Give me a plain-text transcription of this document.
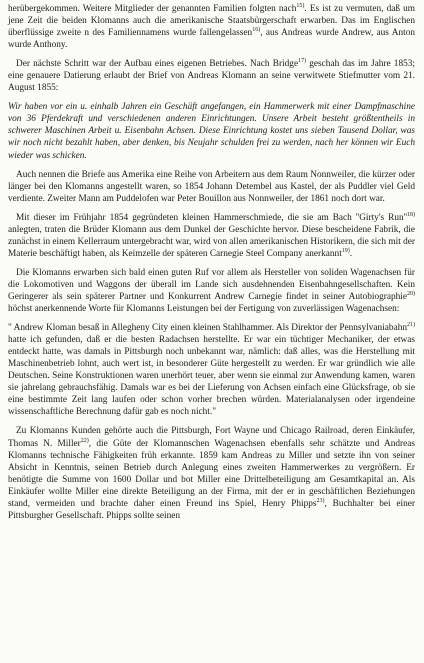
herübergekommen. Weitere Mitglieder der genannten Familien folgten nach$^{15)}$. Es ist zu vermuten, daß um jene Zeit die beiden Klomanns auch die amerikanische Staatsbürgerschaft erwarben. Das im Englischen überflüssige zweite n des Familiennamens wurde fallengelassen$^{16)}$, aus Andreas wurde Andrew, aus Anton wurde Anthony.

Der nächste Schritt war der Aufbau eines eigenen Betriebes. Nach Bridge$^{17)}$ geschah das im Jahre 1853; eine genauere Datierung erlaubt der Brief von Andreas Klomann an seine verwitwete Stiefmutter vom 21. August 1855:

Wir haben vor ein u. einhalb Jahren ein Geschäft angefangen, ein Hammerwerk mit einer Dampfmaschine von 36 Pferdekraft und verschiedenen anderen Einrichtungen. Unsere Arbeit besteht größtentheils in schwerer Maschinen Arbeit u. Eisenbahn Achsen. Diese Einrichtung kostet uns sieben Tausend Dollar, was wir noch nicht bezahlt haben, aber denken, bis Neujahr schulden frei zu werden, nach her können wir Euch wieder was schicken.

Auch nennen die Briefe aus Amerika eine Reihe von Arbeitern aus dem Raum Nonnweiler, die kürzer oder länger bei den Klomanns angestellt waren, so 1854 Johann Detembel aus Kastel, der als Puddler viel Geld verdiente. Zweiter Mann am Puddelofen war Peter Bouillon aus Nonnweiler, der 1861 noch dort war.

Mit dieser im Frühjahr 1854 gegründeten kleinen Hammerschmiede, die sie am Bach ''Girty's Run''$^{18)}$ anlegten, traten die Brüder Klomann aus dem Dunkel der Geschichte hervor. Diese bescheidene Fabrik, die zunächst in einem Kellerraum untergebracht war, wird von allen amerikanischen Historikern, die sich mit der Materie beschäftigt haben, als Keimzelle der späteren Carnegie Steel Company anerkannt$^{19)}$.

Die Klomanns erwarben sich bald einen guten Ruf vor allem als Hersteller von soliden Wagenachsen für die Lokomotiven und Waggons der überall im Lande sich ausdehnenden Eisenbahngesellschaften. Kein Geringerer als sein späterer Partner und Konkurrent Andrew Carnegie findet in seiner Autobiographie$^{20)}$ höchst anerkennende Worte für Klomanns Leistungen bei der Fertigung von zuverlässigen Wagenachsen:

" Andrew Kloman besaß in Allegheny City einen kleinen Stahlhammer. Als Direktor der Pennsylvaniabahn$^{21)}$ hatte ich gefunden, daß er die besten Radachsen herstellte. Er war ein tüchtiger Mechaniker, der etwas entdeckt hatte, was damals in Pittsburgh noch unbekannt war, nämlich: daß alles, was die Herstellung mit Maschinenbetrieb lohnt, auch wert ist, in besonderer Güte hergestellt zu werden. Er war gründlich wie alle Deutschen. Seine Konstruktionen waren unerhört teuer, aber wenn sie einmal zur Anwendung kamen, waren sie jahrelang gebrauchsfähig. Damals war es bei der Lieferung von Achsen einfach eine Glücksfrage, ob sie eine bestimmte Zeit lang laufen oder schon vorher brechen würden. Materialanalysen oder irgendeine wissenschaftliche Berechnung dafür gab es noch nicht."

Zu Klomanns Kunden gehörte auch die Pittsburgh, Fort Wayne und Chicago Railroad, deren Einkäufer, Thomas N. Miller$^{22)}$, die Güte der Klomannschen Wagenachsen ebenfalls sehr schätzte und Andreas Klomanns technische Fähigkeiten früh erkannte. 1859 kam Andreas zu Miller und setzte ihn von seiner Absicht in Kenntnis, seinen Betrieb durch Anlegung eines zweiten Hammerwerkes zu vergrößern. Er benötigte die Summe von 1600 Dollar und bot Miller eine Drittelbeteiligung am Gesamtkapital an. Als Einkäufer wollte Miller eine direkte Beteiligung an der Firma, mit der er in geschäftlichen Beziehungen stand, vermeiden und brachte daher einen Freund ins Spiel, Henry Phipps$^{23)}$, Buchhalter bei einer Pittsburgher Gesellschaft. Phipps sollte seinen
